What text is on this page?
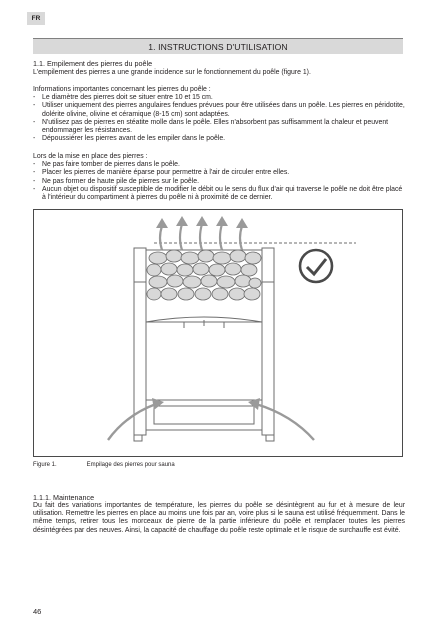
FR
1. INSTRUCTIONS D'UTILISATION
1.1. Empilement des pierres du poêle
L'empilement des pierres a une grande incidence sur le fonctionnement du poêle (figure 1).
Informations importantes concernant les pierres du poêle :
- Le diamètre des pierres doit se situer entre 10 et 15 cm.
- Utiliser uniquement des pierres angulaires fendues prévues pour être utilisées dans un poêle. Les pierres en péridotite, dolérite olivine, olivine et céramique (8-15 cm) sont adaptées.
- N'utilisez pas de pierres en stéatite molle dans le poêle. Elles n'absorbent pas suffisamment la chaleur et peuvent endommager les résistances.
- Dépoussiérer les pierres avant de les empiler dans le poêle.
Lors de la mise en place des pierres :
- Ne pas faire tomber de pierres dans le poêle.
- Placer les pierres de manière éparse pour permettre à l'air de circuler entre elles.
- Ne pas former de haute pile de pierres sur le poêle.
- Aucun objet ou dispositif susceptible de modifier le débit ou le sens du flux d'air qui traverse le poêle ne doit être placé à l'intérieur du compartiment à pierres du poêle ni à proximité de ce dernier.
Figure 1.	Empilage des pierres pour sauna
1.1.1. Maintenance
Du fait des variations importantes de température, les pierres du poêle se désintègrent au fur et à mesure de leur utilisation. Remettre les pierres en place au moins une fois par an, voire plus si le sauna est utilisé fréquemment. Dans le même temps, retirer tous les morceaux de pierre de la partie inférieure du poêle et remplacer toutes les pierres désintégrées par des neuves. Ainsi, la capacité de chauffage du poêle reste optimale et le risque de surchauffe est évité.
46
